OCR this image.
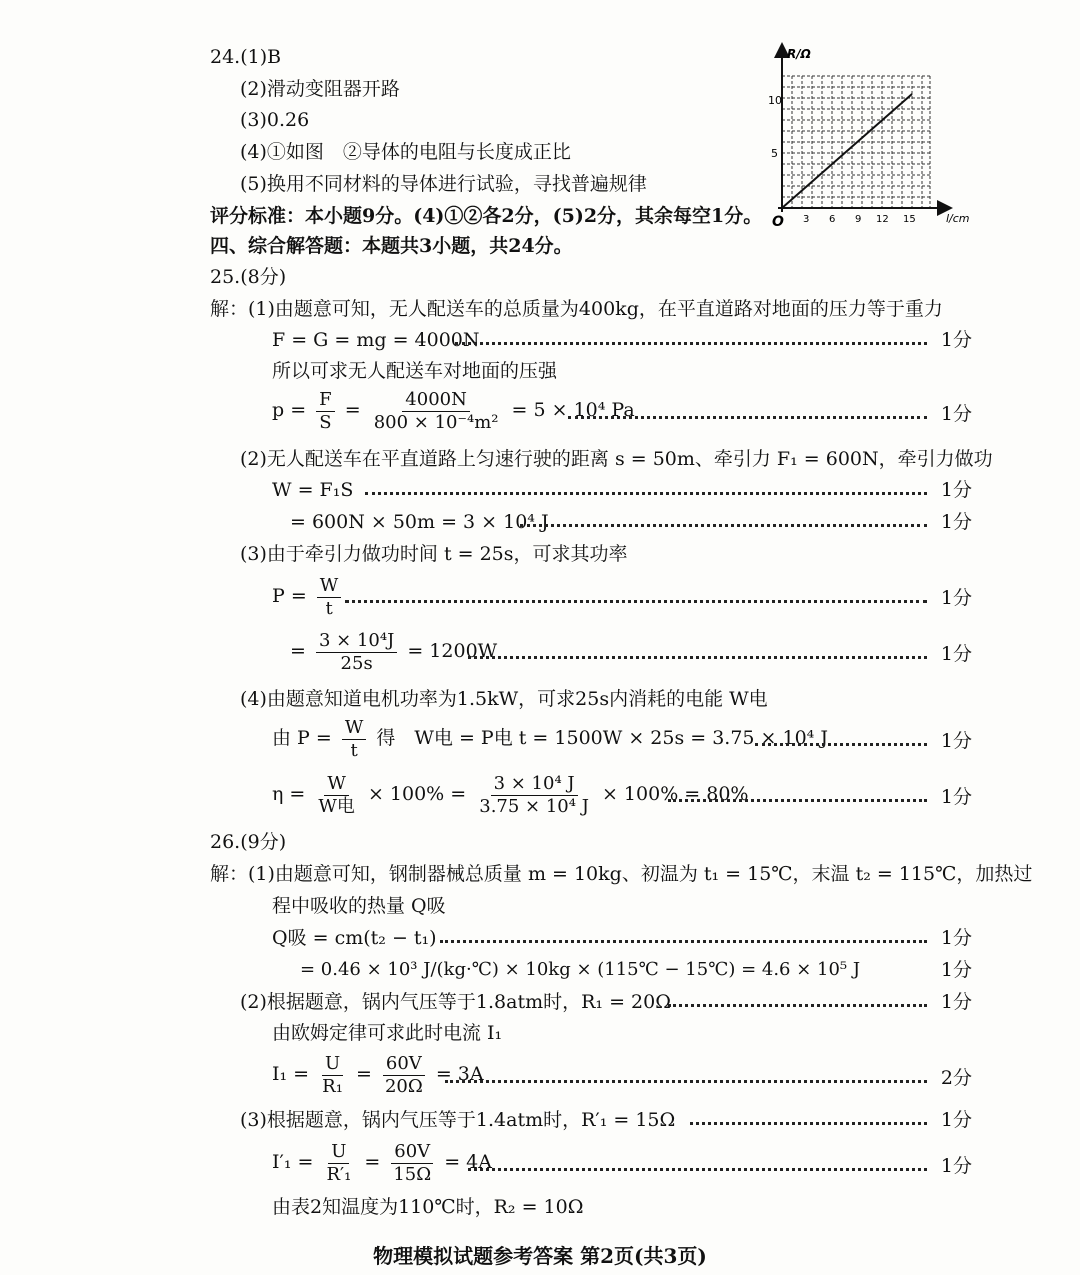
24.(1)B
(2)滑动变阻器开路
(3)0.26
(4)①如图　②导体的电阻与长度成正比
(5)换用不同材料的导体进行试验，寻找普遍规律
评分标准：本小题9分。(4)①②各2分，(5)2分，其余每空1分。
R/Ω
l/cm
O
10
5
3 6 9 12 15
四、综合解答题：本题共3小题，共24分。
25.(8分)
解：(1)由题意可知，无人配送车的总质量为400kg，在平直道路对地面的压力等于重力
F = G = mg = 4000N	1分
所以可求无人配送车对地面的压强
$p = \frac{F}{S} = \frac{4000N}{\text{800 × 10⁻⁴m²}} = 5 \times 10^4$ Pa	1分
(2)无人配送车在平直道路上匀速行驶的距离 s = 50m、牵引力 F₁ = 600N，牵引力做功
W = F₁S	1分
= 600N × 50m = 3 × 10⁴ J	1分
(3)由于牵引力做功时间 t = 25s，可求其功率
$P = \frac{W}{t}$	1分
= $\frac{\text{3 × 10⁴J}}{25s} = 1200W$	1分
(4)由题意知道电机功率为1.5kW，可求25s内消耗的电能 W电
由 $P = \frac{W}{t}$ 得　W电 = P电 t = 1500W × 25s = 3.75 × 10⁴ J	1分
$\eta = \frac{W}{\text{W电}} \times 100\% = \frac{\text{3 × 10⁴ J}}{\text{3.75 × 10⁴ J}} \times 100\% = 80\%$	1分
26.(9分)
解：(1)由题意可知，钢制器械总质量 m = 10kg、初温为 t₁ = 15℃，末温 t₂ = 115℃，加热过
程中吸收的热量 Q吸
Q吸 = cm(t₂ − t₁)	1分
= 0.46 × 10³ J/(kg·℃) × 10kg × (115℃ − 15℃) = 4.6 × 10⁵ J	1分
(2)根据题意，锅内气压等于1.8atm时，R₁ = 20Ω	1分
由欧姆定律可求此时电流 I₁
$I_1 = \frac{U}{\text{R₁}} = \frac{60V}{20\Omega} = 3A$	2分
(3)根据题意，锅内气压等于1.4atm时，R′₁ = 15Ω	1分
$I'_1 = \frac{U}{\text{R′₁}} = \frac{60V}{15\Omega} = 4A$	1分
由表2知温度为110℃时，R₂ = 10Ω
物理模拟试题参考答案 第2页(共3页)
